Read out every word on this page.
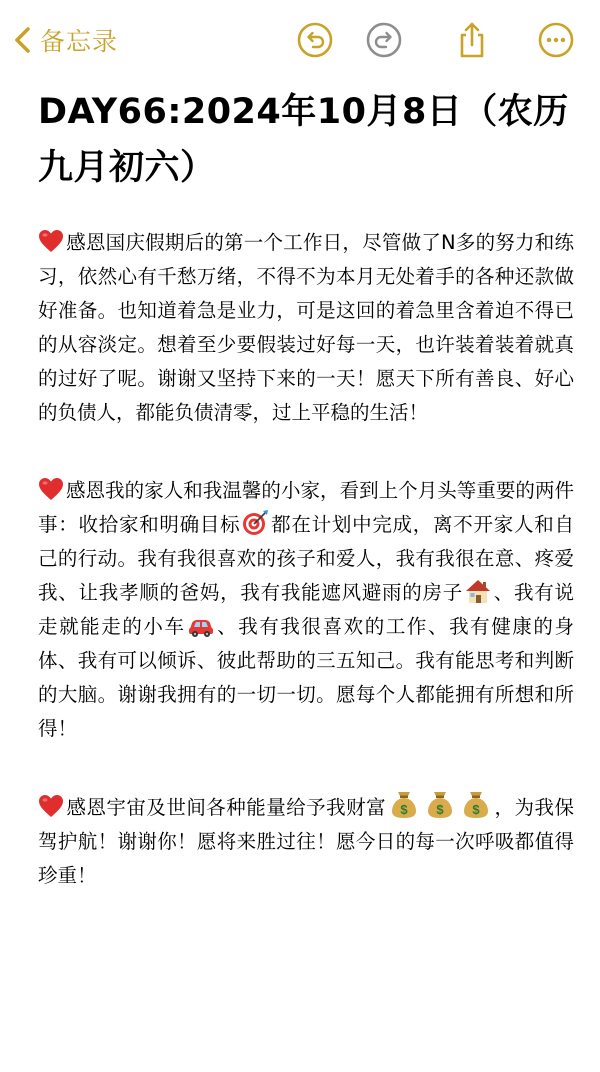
备忘录
DAY66:2024年10月8日（农历九月初六）

感恩国庆假期后的第一个工作日，尽管做了N多的努力和练习，依然心有千愁万绪，不得不为本月无处着手的各种还款做好准备。也知道着急是业力，可是这回的着急里含着迫不得已的从容淡定。想着至少要假装过好每一天，也许装着装着就真的过好了呢。谢谢又坚持下来的一天！愿天下所有善良、好心的负债人，都能负债清零，过上平稳的生活！

感恩我的家人和我温馨的小家，看到上个月头等重要的两件事：收拾家和明确目标 都在计划中完成，离不开家人和自己的行动。我有我很喜欢的孩子和爱人，我有我很在意、疼爱我、让我孝顺的爸妈，我有我能遮风避雨的房子 、我有说走就能走的小车 、我有我很喜欢的工作、我有健康的身体、我有可以倾诉、彼此帮助的三五知己。我有能思考和判断的大脑。谢谢我拥有的一切一切。愿每个人都能拥有所想和所得！

感恩宇宙及世间各种能量给予我财富 $ $ $ ，为我保驾护航！谢谢你！愿将来胜过往！愿今日的每一次呼吸都值得珍重！
